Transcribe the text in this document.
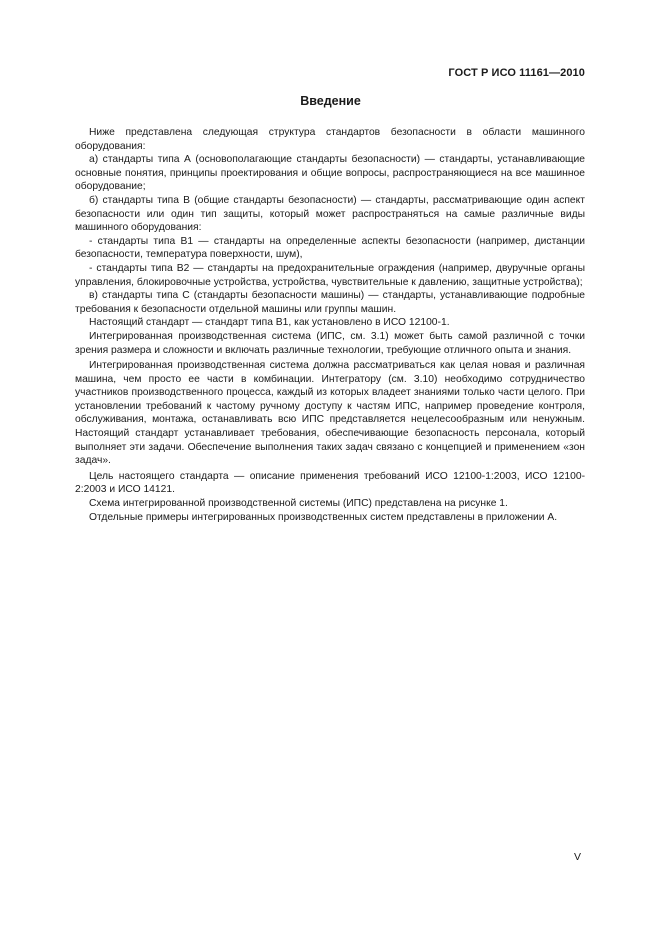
ГОСТ Р ИСО 11161—2010
Введение

Ниже представлена следующая структура стандартов безопасности в области машинного оборудования:

а) стандарты типа А (основополагающие стандарты безопасности) — стандарты, устанавливающие основные понятия, принципы проектирования и общие вопросы, распространяющиеся на все машинное оборудование;

б) стандарты типа В (общие стандарты безопасности) — стандарты, рассматривающие один аспект безопасности или один тип защиты, который может распространяться на самые различные виды машинного оборудования:

- стандарты типа В1 — стандарты на определенные аспекты безопасности (например, дистанции безопасности, температура поверхности, шум),

- стандарты типа В2 — стандарты на предохранительные ограждения (например, двуручные органы управления, блокировочные устройства, устройства, чувствительные к давлению, защитные устройства);

в) стандарты типа С (стандарты безопасности машины) — стандарты, устанавливающие подробные требования к безопасности отдельной машины или группы машин.

Настоящий стандарт — стандарт типа В1, как установлено в ИСО 12100-1.

Интегрированная производственная система (ИПС, см. 3.1) может быть самой различной с точки зрения размера и сложности и включать различные технологии, требующие отличного опыта и знания.

Интегрированная производственная система должна рассматриваться как целая новая и различная машина, чем просто ее части в комбинации. Интегратору (см. 3.10) необходимо сотрудничество участников производственного процесса, каждый из которых владеет знаниями только части целого. При установлении требований к частому ручному доступу к частям ИПС, например проведение контроля, обслуживания, монтажа, останавливать всю ИПС представляется нецелесообразным или ненужным. Настоящий стандарт устанавливает требования, обеспечивающие безопасность персонала, который выполняет эти задачи. Обеспечение выполнения таких задач связано с концепцией и применением «зон задач».

Цель настоящего стандарта — описание применения требований ИСО 12100-1:2003, ИСО 12100-2:2003 и ИСО 14121.

Схема интегрированной производственной системы (ИПС) представлена на рисунке 1.

Отдельные примеры интегрированных производственных систем представлены в приложении А.

V
